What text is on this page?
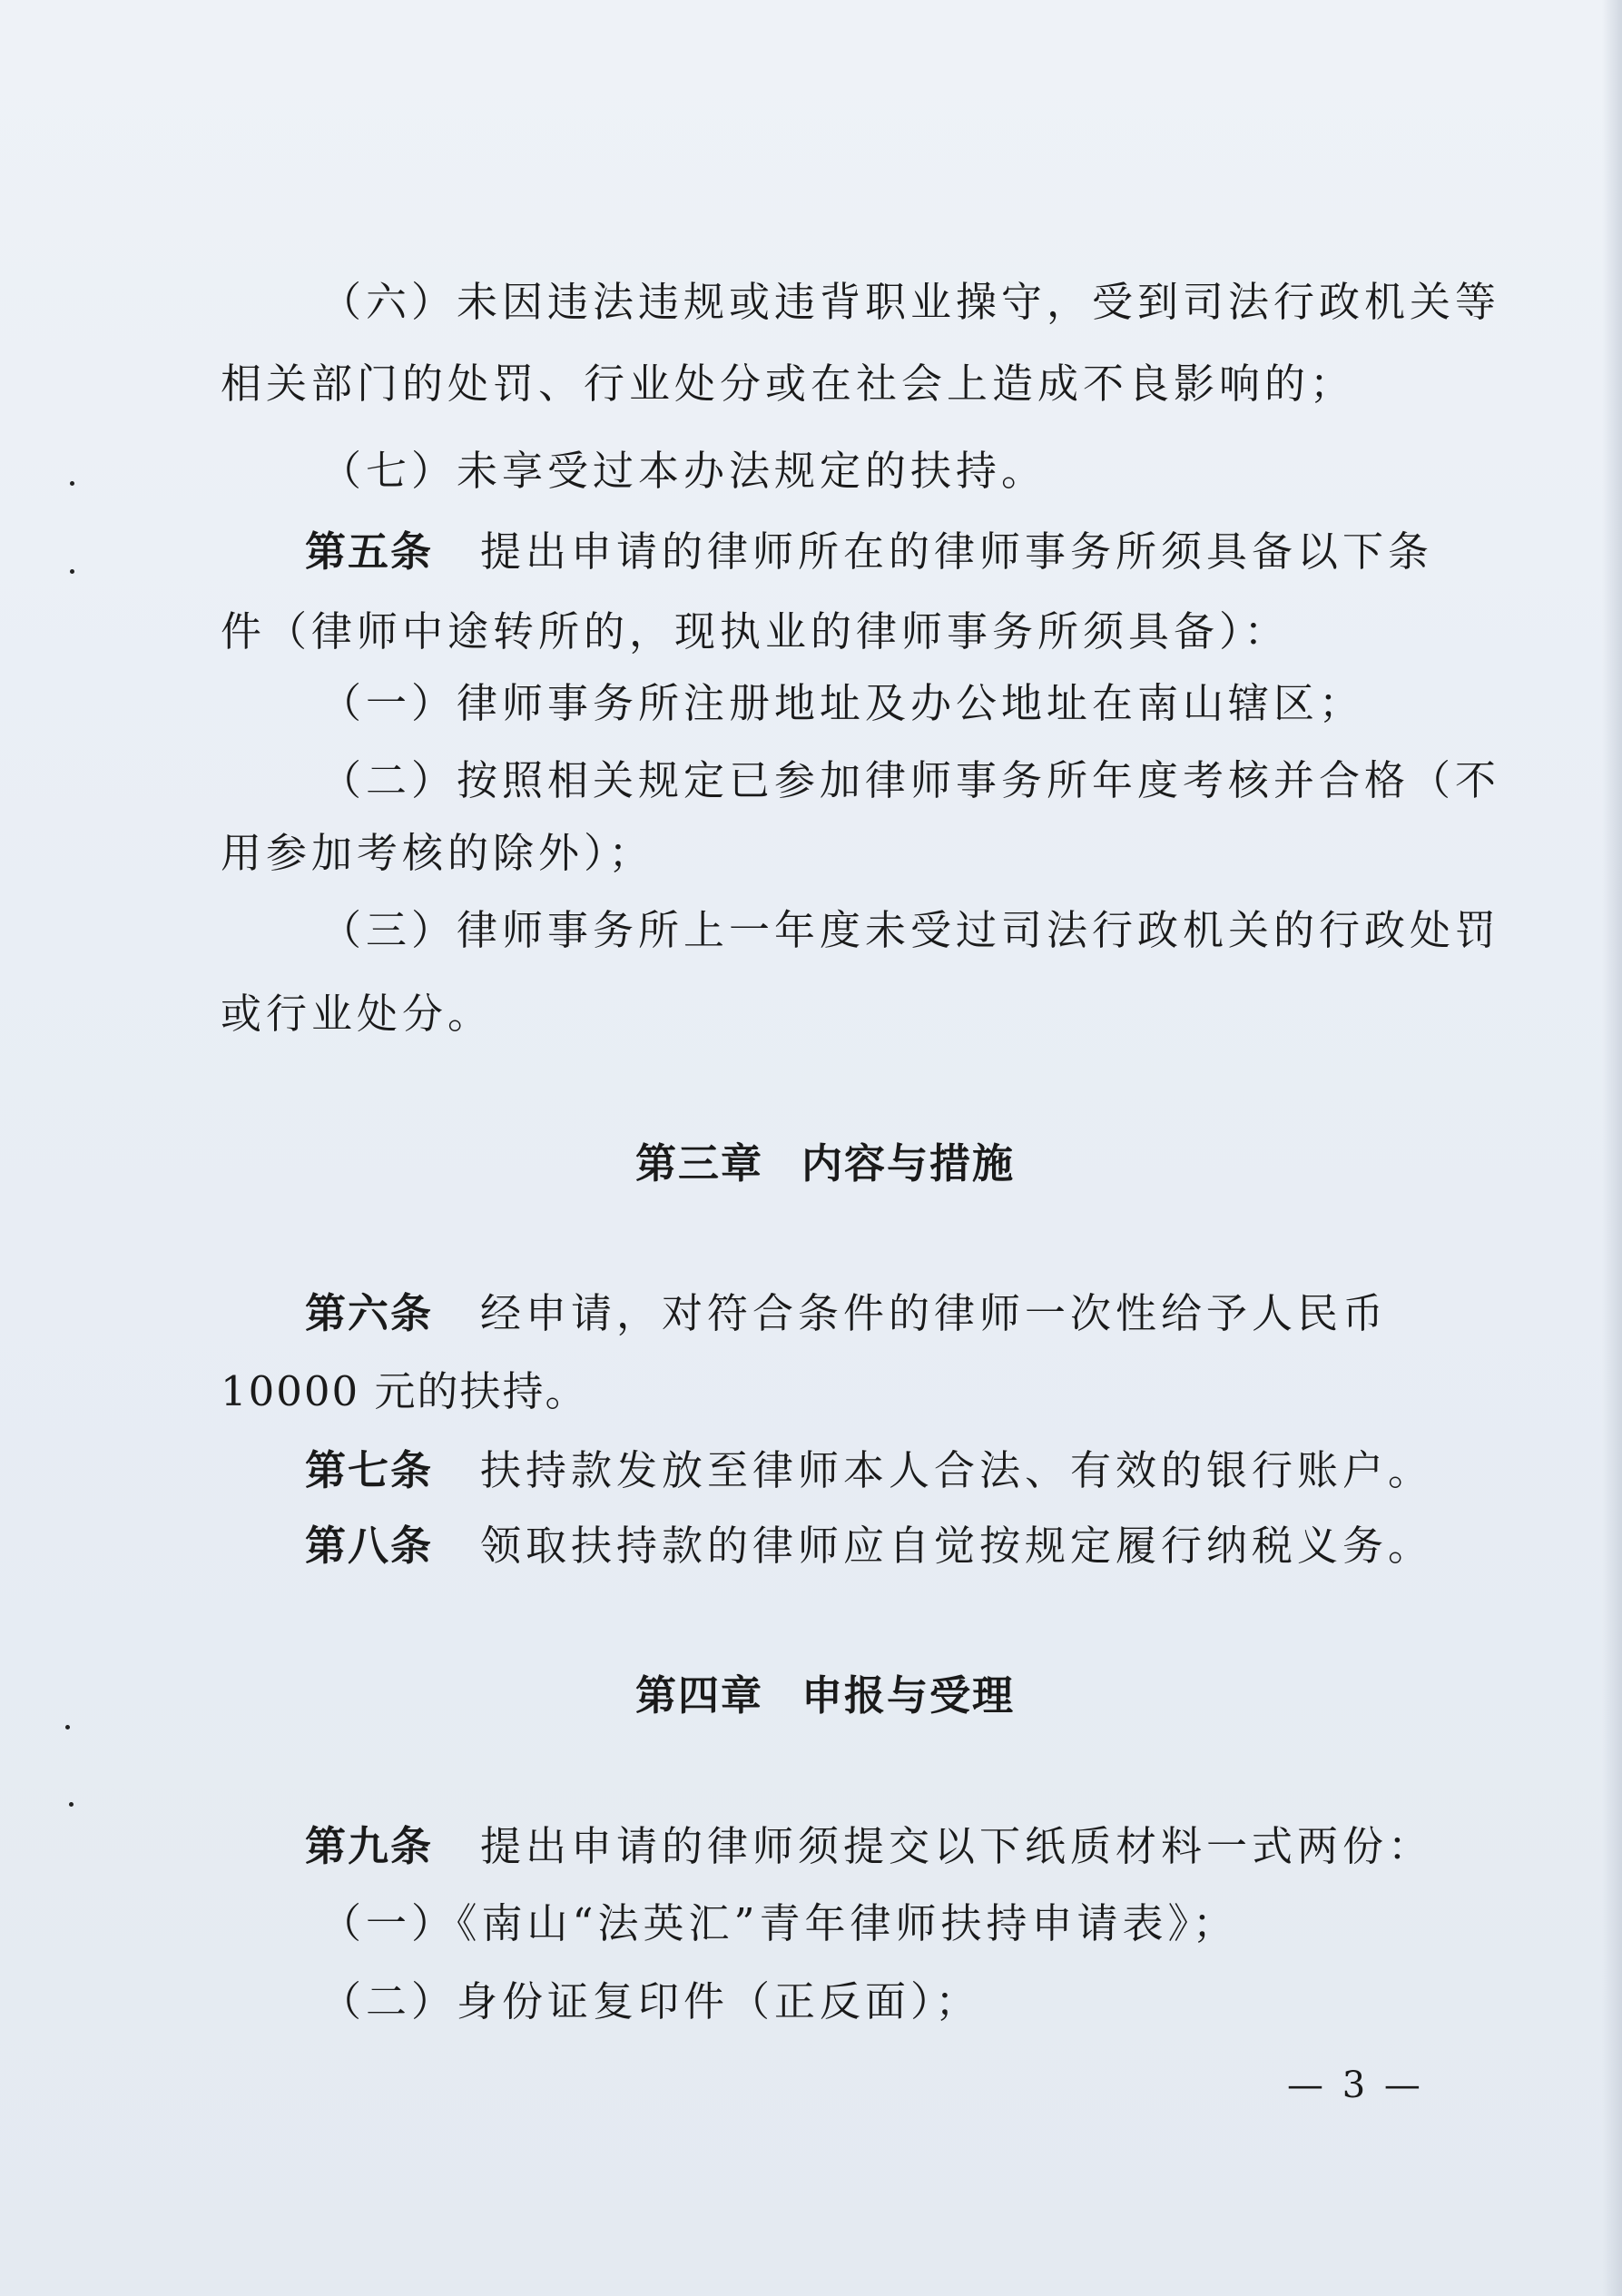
（六）未因违法违规或违背职业操守，受到司法行政机关等
相关部门的处罚、行业处分或在社会上造成不良影响的；
（七）未享受过本办法规定的扶持。
第五条 提出申请的律师所在的律师事务所须具备以下条
件（律师中途转所的，现执业的律师事务所须具备）：
（一）律师事务所注册地址及办公地址在南山辖区；
（二）按照相关规定已参加律师事务所年度考核并合格（不
用参加考核的除外）；
（三）律师事务所上一年度未受过司法行政机关的行政处罚
或行业处分。
第三章 内容与措施
第六条 经申请，对符合条件的律师一次性给予人民币
10000 元的扶持。
第七条 扶持款发放至律师本人合法、有效的银行账户。
第八条 领取扶持款的律师应自觉按规定履行纳税义务。
第四章 申报与受理
第九条 提出申请的律师须提交以下纸质材料一式两份：
（一）《南山“法英汇”青年律师扶持申请表》；
（二）身份证复印件（正反面）；
— 3 —
